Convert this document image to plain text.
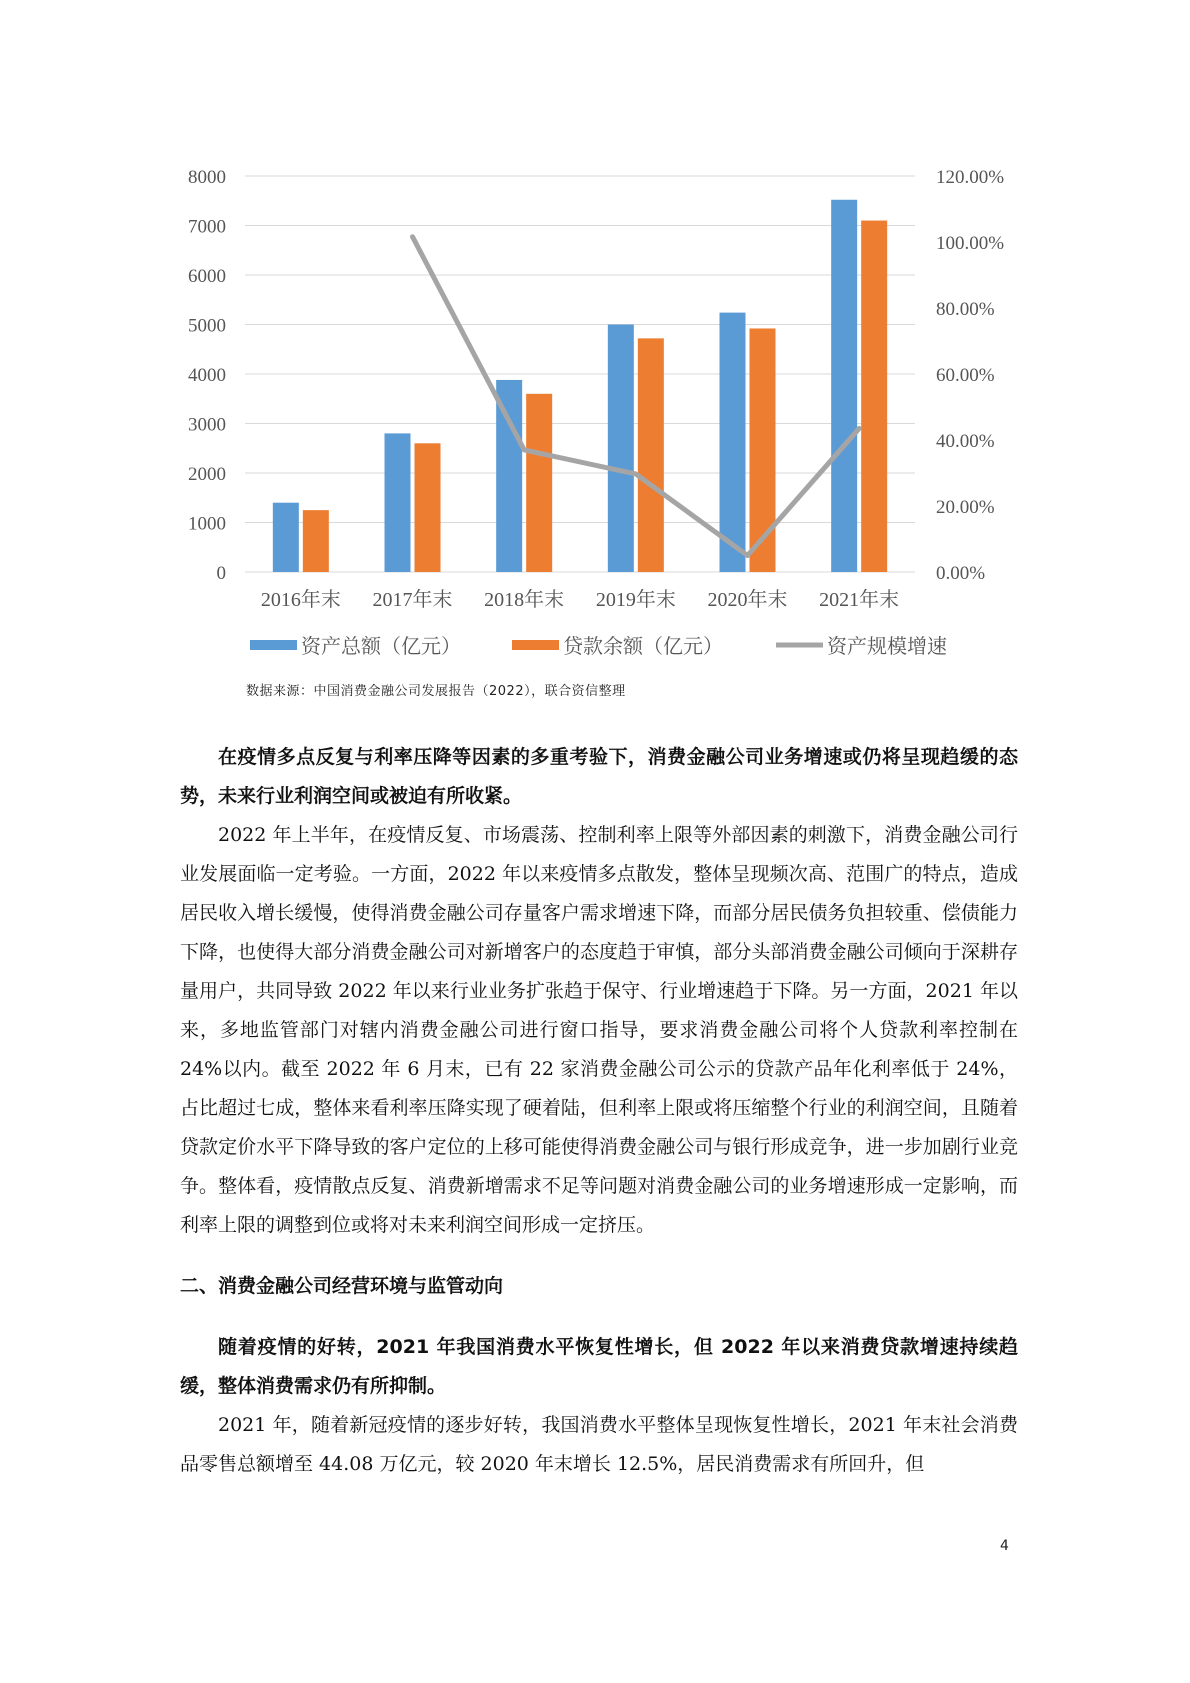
0
1000
2000
3000
4000
5000
6000
7000
8000
0.00%
20.00%
40.00%
60.00%
80.00%
100.00%
120.00%
2016年末 2017年末 2018年末 2019年末 2020年末 2021年末
资产总额（亿元）	贷款余额（亿元）	资产规模增速
数据来源：中国消费金融公司发展报告（2022），联合资信整理

在疫情多点反复与利率压降等因素的多重考验下，消费金融公司业务增速或仍将呈现趋缓的态势，未来行业利润空间或被迫有所收紧。

2022 年上半年，在疫情反复、市场震荡、控制利率上限等外部因素的刺激下，消费金融公司行业发展面临一定考验。一方面，2022 年以来疫情多点散发，整体呈现频次高、范围广的特点，造成居民收入增长缓慢，使得消费金融公司存量客户需求增速下降，而部分居民债务负担较重、偿债能力下降，也使得大部分消费金融公司对新增客户的态度趋于审慎，部分头部消费金融公司倾向于深耕存量用户，共同导致 2022 年以来行业业务扩张趋于保守、行业增速趋于下降。另一方面，2021 年以来，多地监管部门对辖内消费金融公司进行窗口指导，要求消费金融公司将个人贷款利率控制在 24%以内。截至 2022 年 6 月末，已有 22 家消费金融公司公示的贷款产品年化利率低于 24%，占比超过七成，整体来看利率压降实现了硬着陆，但利率上限或将压缩整个行业的利润空间，且随着贷款定价水平下降导致的客户定位的上移可能使得消费金融公司与银行形成竞争，进一步加剧行业竞争。整体看，疫情散点反复、消费新增需求不足等问题对消费金融公司的业务增速形成一定影响，而利率上限的调整到位或将对未来利润空间形成一定挤压。

二、消费金融公司经营环境与监管动向

随着疫情的好转，2021 年我国消费水平恢复性增长，但 2022 年以来消费贷款增速持续趋缓，整体消费需求仍有所抑制。

2021 年，随着新冠疫情的逐步好转，我国消费水平整体呈现恢复性增长，2021 年末社会消费品零售总额增至 44.08 万亿元，较 2020 年末增长 12.5%，居民消费需求有所回升，但

4
